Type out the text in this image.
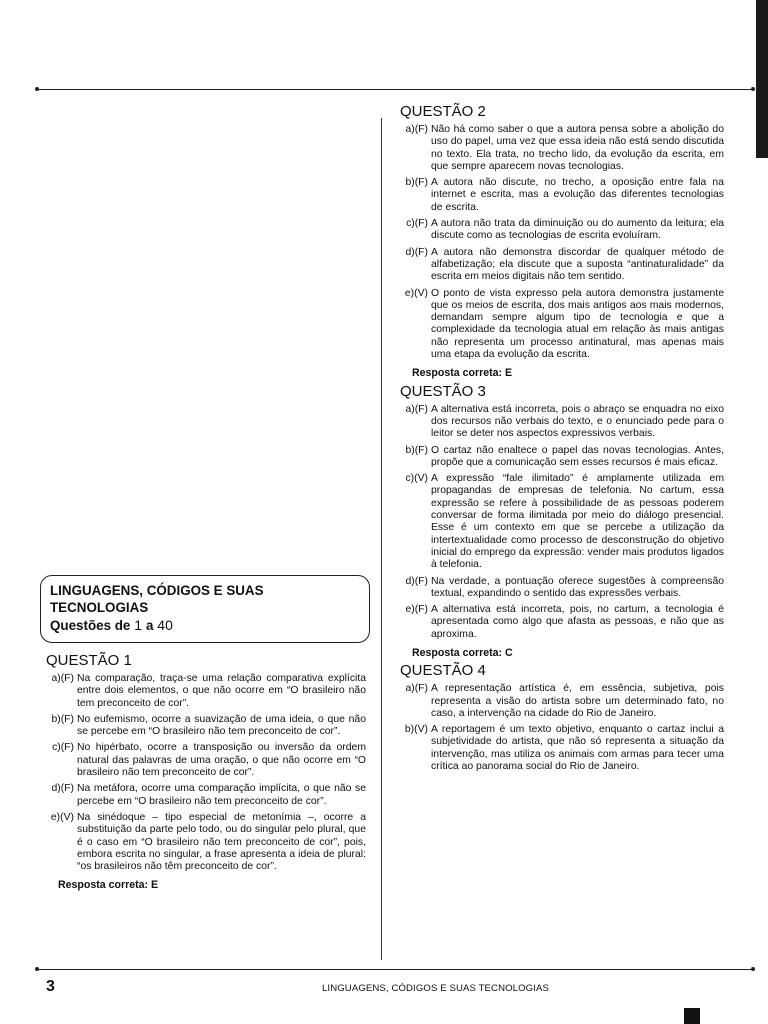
LINGUAGENS, CÓDIGOS E SUAS TECNOLOGIAS
Questões de 1 a 40
QUESTÃO 1
a)(F) Na comparação, traça-se uma relação comparativa explícita entre dois elementos, o que não ocorre em “O brasileiro não tem preconceito de cor”.
b)(F) No eufemismo, ocorre a suavização de uma ideia, o que não se percebe em “O brasileiro não tem preconceito de cor”.
c)(F) No hipérbato, ocorre a transposição ou inversão da ordem natural das palavras de uma oração, o que não ocorre em “O brasileiro não tem preconceito de cor”.
d)(F) Na metáfora, ocorre uma comparação implícita, o que não se percebe em “O brasileiro não tem preconceito de cor”.
e)(V) Na sinédoque – tipo especial de metonímia –, ocorre a substituição da parte pelo todo, ou do singular pelo plural, que é o caso em “O brasileiro não tem preconceito de cor”, pois, embora escrita no singular, a frase apresenta a ideia de plural: “os brasileiros não têm preconceito de cor”.
Resposta correta: E
QUESTÃO 2
a)(F) Não há como saber o que a autora pensa sobre a abolição do uso do papel, uma vez que essa ideia não está sendo discutida no texto. Ela trata, no trecho lido, da evolução da escrita, em que sempre aparecem novas tecnologias.
b)(F) A autora não discute, no trecho, a oposição entre fala na internet e escrita, mas a evolução das diferentes tecnologias de escrita.
c)(F) A autora não trata da diminuição ou do aumento da leitura; ela discute como as tecnologias de escrita evoluíram.
d)(F) A autora não demonstra discordar de qualquer método de alfabetização; ela discute que a suposta “antinaturalidade” da escrita em meios digitais não tem sentido.
e)(V) O ponto de vista expresso pela autora demonstra justamente que os meios de escrita, dos mais antigos aos mais modernos, demandam sempre algum tipo de tecnologia e que a complexidade da tecnologia atual em relação às mais antigas não representa um processo antinatural, mas apenas mais uma etapa da evolução da escrita.
Resposta correta: E
QUESTÃO 3
a)(F) A alternativa está incorreta, pois o abraço se enquadra no eixo dos recursos não verbais do texto, e o enunciado pede para o leitor se deter nos aspectos expressivos verbais.
b)(F) O cartaz não enaltece o papel das novas tecnologias. Antes, propõe que a comunicação sem esses recursos é mais eficaz.
c)(V) A expressão “fale ilimitado” é amplamente utilizada em propagandas de empresas de telefonia. No cartum, essa expressão se refere à possibilidade de as pessoas poderem conversar de forma ilimitada por meio do diálogo presencial. Esse é um contexto em que se percebe a utilização da intertextualidade como processo de desconstrução do objetivo inicial do emprego da expressão: vender mais produtos ligados à telefonia.
d)(F) Na verdade, a pontuação oferece sugestões à compreensão textual, expandindo o sentido das expressões verbais.
e)(F) A alternativa está incorreta, pois, no cartum, a tecnologia é apresentada como algo que afasta as pessoas, e não que as aproxima.
Resposta correta: C
QUESTÃO 4
a)(F) A representação artística é, em essência, subjetiva, pois representa a visão do artista sobre um determinado fato, no caso, a intervenção na cidade do Rio de Janeiro.
b)(V) A reportagem é um texto objetivo, enquanto o cartaz inclui a subjetividade do artista, que não só representa a situação da intervenção, mas utiliza os animais com armas para tecer uma crítica ao panorama social do Rio de Janeiro.
3	LINGUAGENS, CÓDIGOS E SUAS TECNOLOGIAS
